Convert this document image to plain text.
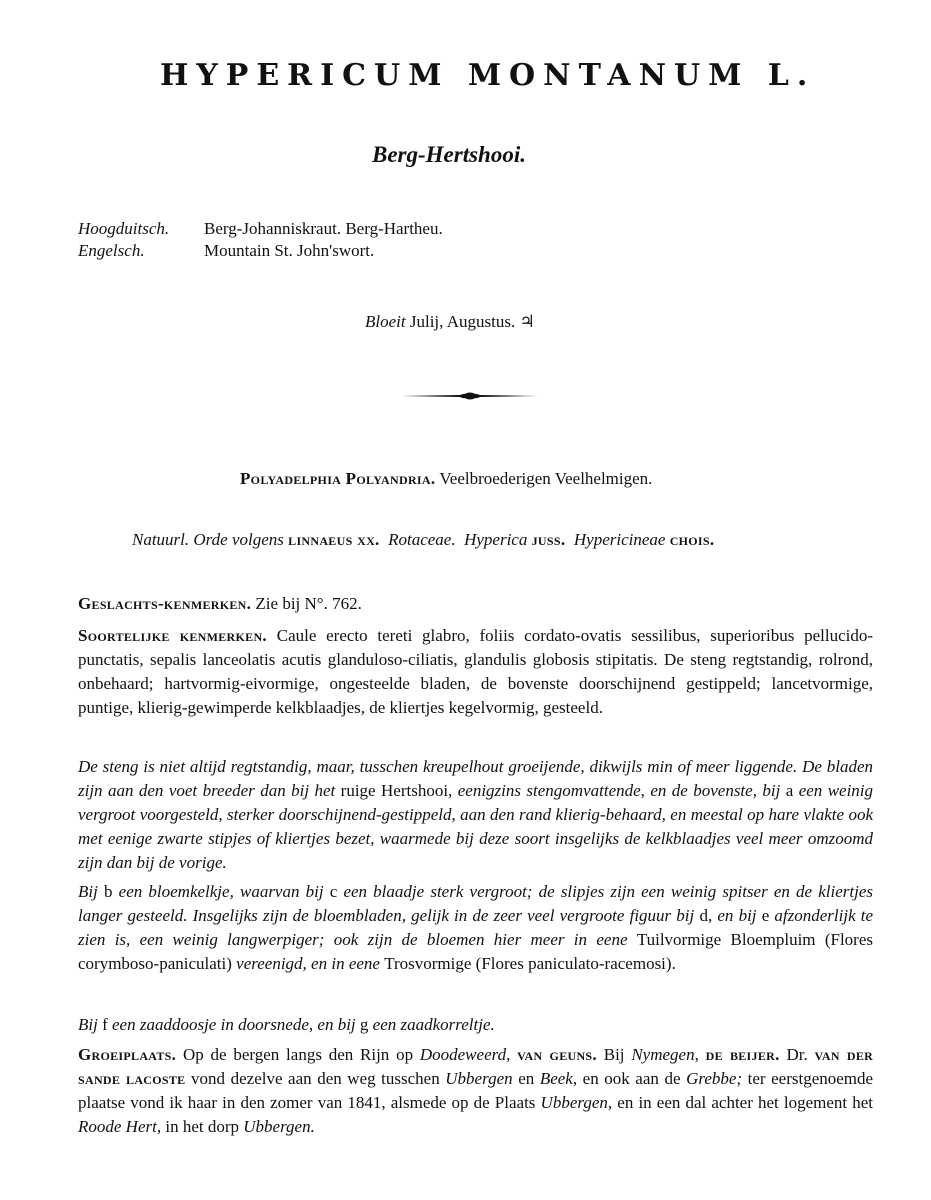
HYPERICUM MONTANUM L.
Berg-Hertshooi.
Hoogduitsch.	Berg-Johanniskraut. Berg-Hartheu.
Engelsch.	Mountain St. John'swort.
Bloeit Julij, Augustus. ♃
Polyadelphia Polyandria. Veelbroederigen Veelhelmigen.
Natuurl. Orde volgens linnaeus xx. Rotaceae. Hyperica juss. Hypericineae chois.
Geslachts-kenmerken. Zie bij N°. 762.
Soortelijke kenmerken. Caule erecto tereti glabro, foliis cordato-ovatis sessilibus, superioribus pellucido-punctatis, sepalis lanceolatis acutis glanduloso-ciliatis, glandulis globosis stipitatis. De steng regtstandig, rolrond, onbehaard; hartvormig-eivormige, ongesteelde bladen, de bovenste doorschijnend gestippeld; lancetvormige, puntige, klierig-gewimperde kelkblaadjes, de kliertjes kegelvormig, gesteeld.
De steng is niet altijd regtstandig, maar, tusschen kreupelhout groeijende, dikwijls min of meer liggende. De bladen zijn aan den voet breeder dan bij het ruige Hertshooi, eenigzins stengomvattende, en de bovenste, bij a een weinig vergroot voorgesteld, sterker doorschijnend-gestippeld, aan den rand klierig-behaard, en meestal op hare vlakte ook met eenige zwarte stipjes of kliertjes bezet, waarmede bij deze soort insgelijks de kelkblaadjes veel meer omzoomd zijn dan bij de vorige.
Bij b een bloemkelkje, waarvan bij c een blaadje sterk vergroot; de slipjes zijn een weinig spitser en de kliertjes langer gesteeld. Insgelijks zijn de bloembladen, gelijk in de zeer veel vergroote figuur bij d, en bij e afzonderlijk te zien is, een weinig langwerpiger; ook zijn de bloemen hier meer in eene Tuilvormige Bloempluim (Flores corymboso-paniculati) vereenigd, en in eene Trosvormige (Flores paniculato-racemosi).
Bij f een zaaddoosje in doorsnede, en bij g een zaadkorreltje.
Groeiplaats. Op de bergen langs den Rijn op Doodeweerd, van geuns. Bij Nymegen, de beijer. Dr. van der sande lacoste vond dezelve aan den weg tusschen Ubbergen en Beek, en ook aan de Grebbe; ter eerstgenoemde plaatse vond ik haar in den zomer van 1841, alsmede op de Plaats Ubbergen, en in een dal achter het logement het Roode Hert, in het dorp Ubbergen.
